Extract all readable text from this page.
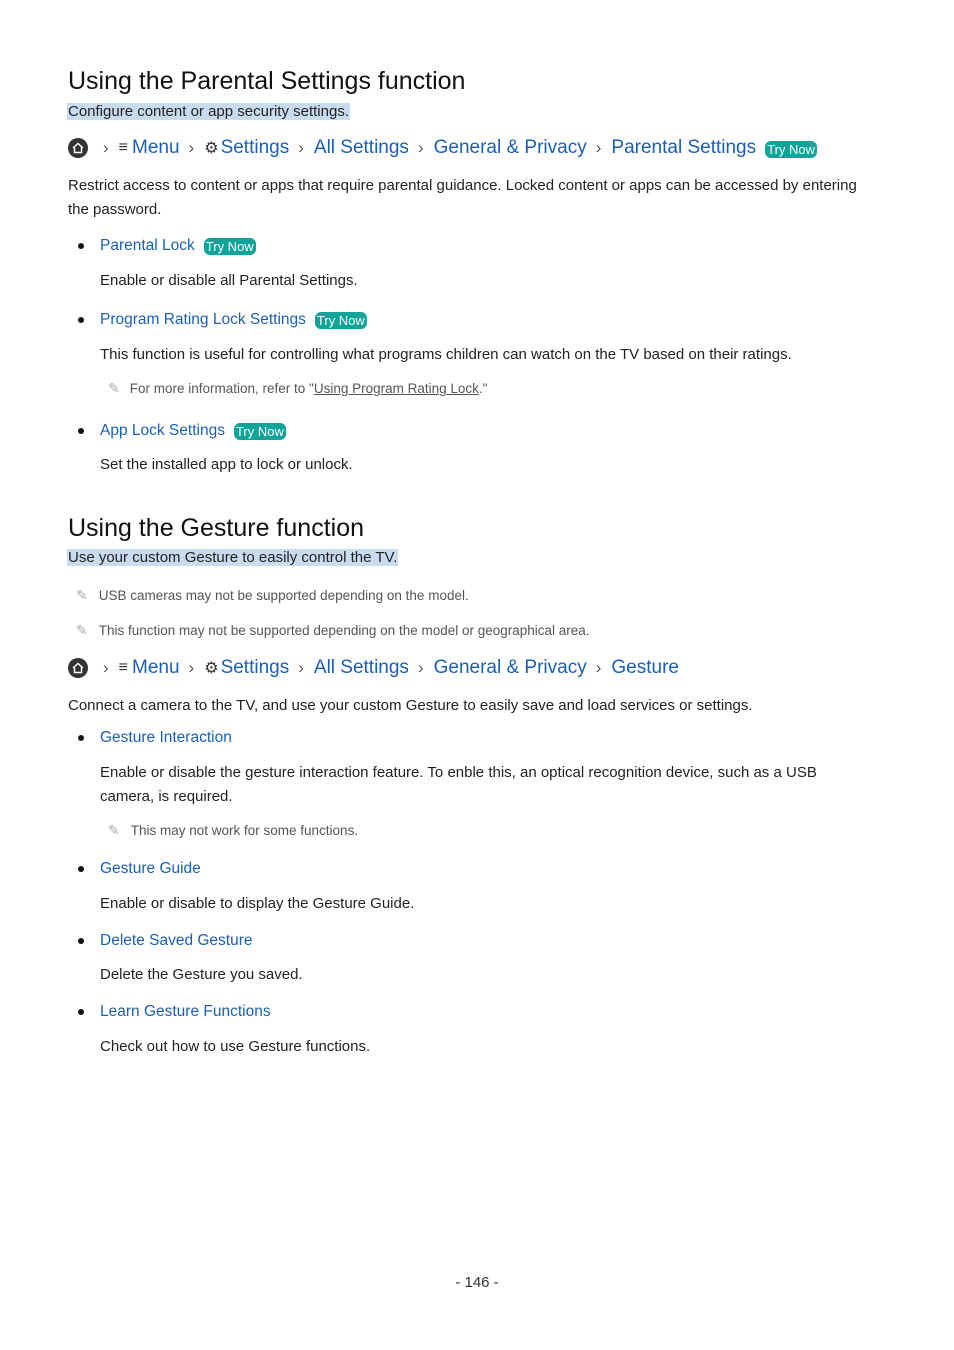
Using the Parental Settings function
Configure content or app security settings.
› ≡ Menu › ⚙ Settings › All Settings › General & Privacy › Parental Settings Try Now
Restrict access to content or apps that require parental guidance. Locked content or apps can be accessed by entering the password.
Parental Lock Try Now
Enable or disable all Parental Settings.
Program Rating Lock Settings Try Now
This function is useful for controlling what programs children can watch on the TV based on their ratings.
✎ For more information, refer to "Using Program Rating Lock."
App Lock Settings Try Now
Set the installed app to lock or unlock.
Using the Gesture function
Use your custom Gesture to easily control the TV.
✎ USB cameras may not be supported depending on the model.
✎ This function may not be supported depending on the model or geographical area.
› ≡ Menu › ⚙ Settings › All Settings › General & Privacy › Gesture
Connect a camera to the TV, and use your custom Gesture to easily save and load services or settings.
Gesture Interaction
Enable or disable the gesture interaction feature. To enble this, an optical recognition device, such as a USB camera, is required.
✎ This may not work for some functions.
Gesture Guide
Enable or disable to display the Gesture Guide.
Delete Saved Gesture
Delete the Gesture you saved.
Learn Gesture Functions
Check out how to use Gesture functions.
- 146 -
